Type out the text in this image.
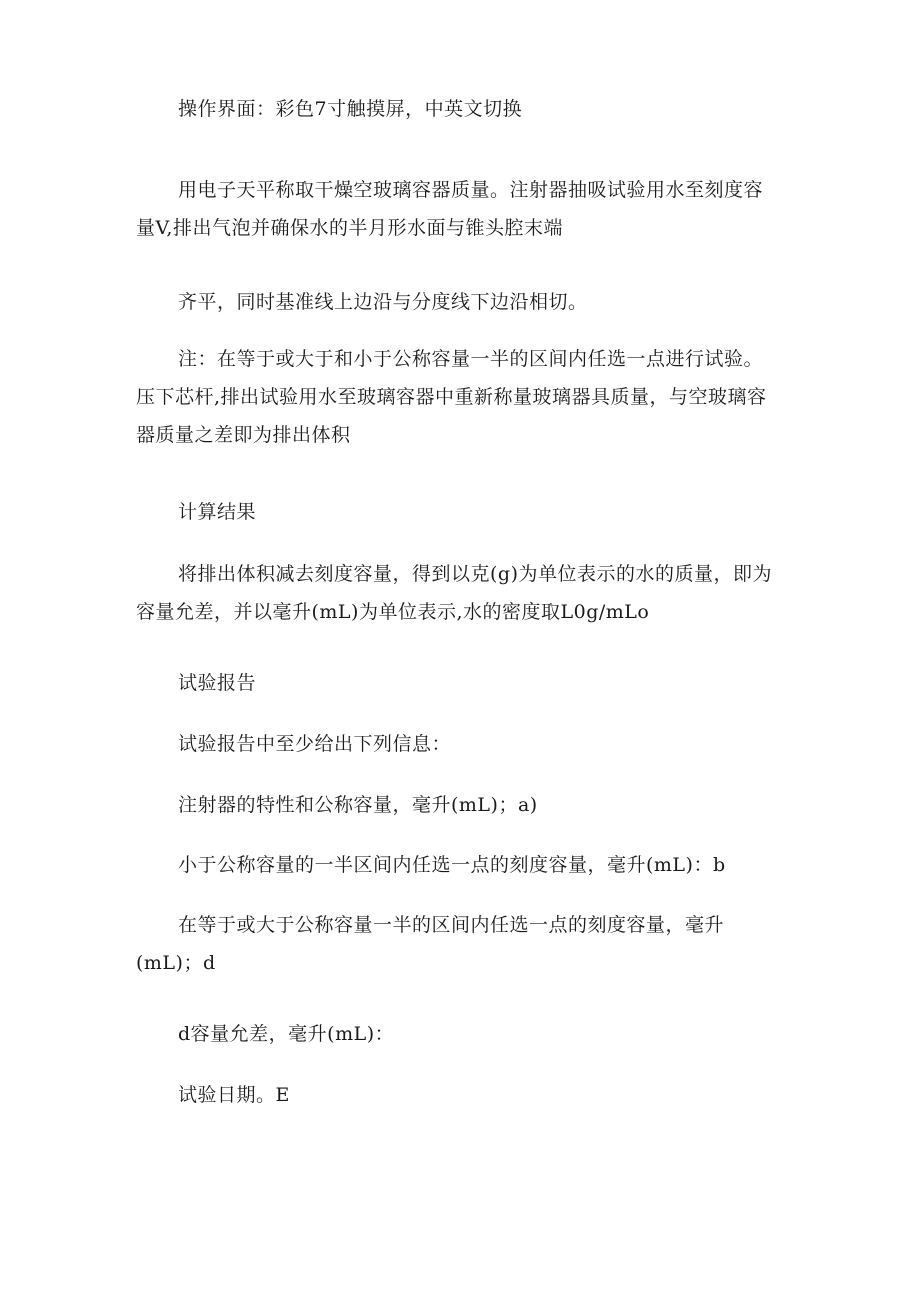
操作界面：彩色7寸触摸屏，中英文切换
用电子天平称取干燥空玻璃容器质量。注射器抽吸试验用水至刻度容量V,排出气泡并确保水的半月形水面与锥头腔末端
齐平，同时基准线上边沿与分度线下边沿相切。
注：在等于或大于和小于公称容量一半的区间内任选一点进行试验。压下芯杆,排出试验用水至玻璃容器中重新称量玻璃器具质量，与空玻璃容器质量之差即为排出体积
计算结果
将排出体积减去刻度容量，得到以克(g)为单位表示的水的质量，即为容量允差，并以毫升(mL)为单位表示,水的密度取L0g/mLo
试验报告
试验报告中至少给出下列信息：
注射器的特性和公称容量，毫升(mL)；a)
小于公称容量的一半区间内任选一点的刻度容量，毫升(mL)：b
在等于或大于公称容量一半的区间内任选一点的刻度容量，毫升(mL)；d
d容量允差，毫升(mL)：
试验日期。E
